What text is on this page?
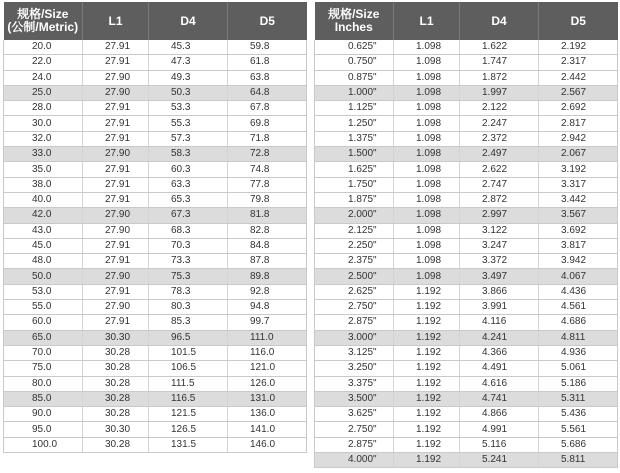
规格/Size
(公制/Metric)	L1	D4	D5
20.0	27.91	45.3	59.8
22.0	27.91	47.3	61.8
24.0	27.90	49.3	63.8
25.0	27.90	50.3	64.8
28.0	27.91	53.3	67.8
30.0	27.91	55.3	69.8
32.0	27.91	57.3	71.8
33.0	27.90	58.3	72.8
35.0	27.91	60.3	74.8
38.0	27.91	63.3	77.8
40.0	27.91	65.3	79.8
42.0	27.90	67.3	81.8
43.0	27.90	68.3	82.8
45.0	27.91	70.3	84.8
48.0	27.91	73.3	87.8
50.0	27.90	75.3	89.8
53.0	27.91	78.3	92.8
55.0	27.90	80.3	94.8
60.0	27.91	85.3	99.7
65.0	30.30	96.5	111.0
70.0	30.28	101.5	116.0
75.0	30.28	106.5	121.0
80.0	30.28	111.5	126.0
85.0	30.28	116.5	131.0
90.0	30.28	121.5	136.0
95.0	30.30	126.5	141.0
100.0	30.28	131.5	146.0
规格/Size
Inches	L1	D4	D5
0.625"	1.098	1.622	2.192
0.750"	1.098	1.747	2.317
0.875"	1.098	1.872	2.442
1.000"	1.098	1.997	2.567
1.125"	1.098	2.122	2.692
1.250"	1.098	2.247	2.817
1.375"	1.098	2.372	2.942
1.500"	1.098	2.497	2.067
1.625"	1.098	2.622	3.192
1.750"	1.098	2.747	3.317
1.875"	1.098	2.872	3.442
2.000"	1.098	2.997	3.567
2.125"	1.098	3.122	3.692
2.250"	1.098	3.247	3.817
2.375"	1.098	3.372	3.942
2.500"	1.098	3.497	4.067
2.625"	1.192	3.866	4.436
2.750"	1.192	3.991	4.561
2.875"	1.192	4.116	4.686
3.000"	1.192	4.241	4.811
3.125"	1.192	4.366	4.936
3.250"	1.192	4.491	5.061
3.375"	1.192	4.616	5.186
3.500"	1.192	4.741	5.311
3.625"	1.192	4.866	5.436
2.750"	1.192	4.991	5.561
2.875"	1.192	5.116	5.686
4.000"	1.192	5.241	5.811
